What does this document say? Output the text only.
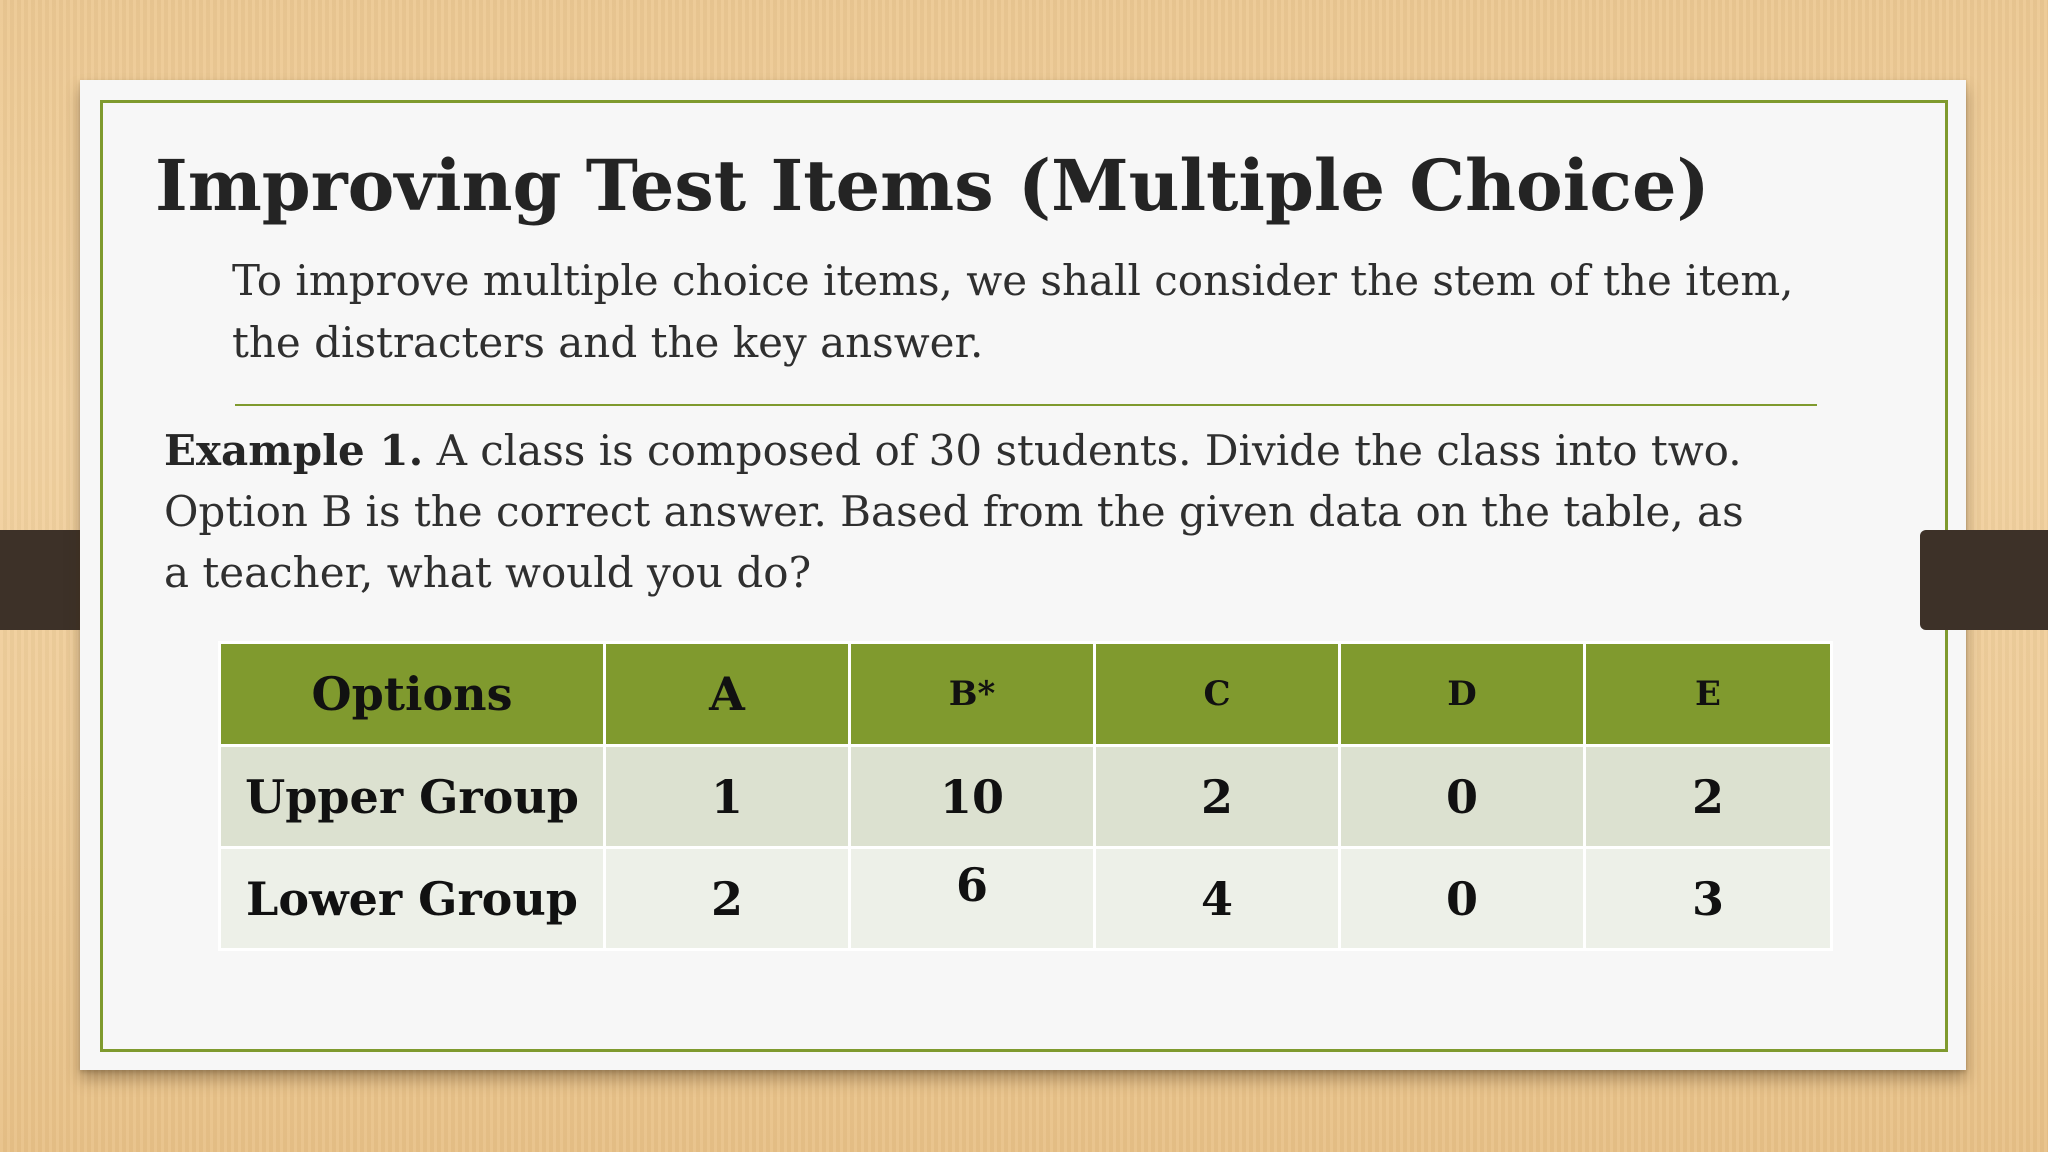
Improving Test Items (Multiple Choice)

To improve multiple choice items, we shall consider the stem of the item, the distracters and the key answer.

Example 1. A class is composed of 30 students. Divide the class into two. Option B is the correct answer. Based from the given data on the table, as a teacher, what would you do?

Options	A	B*	C	D	E
Upper Group	1	10	2	0	2
Lower Group	2	6	4	0	3
